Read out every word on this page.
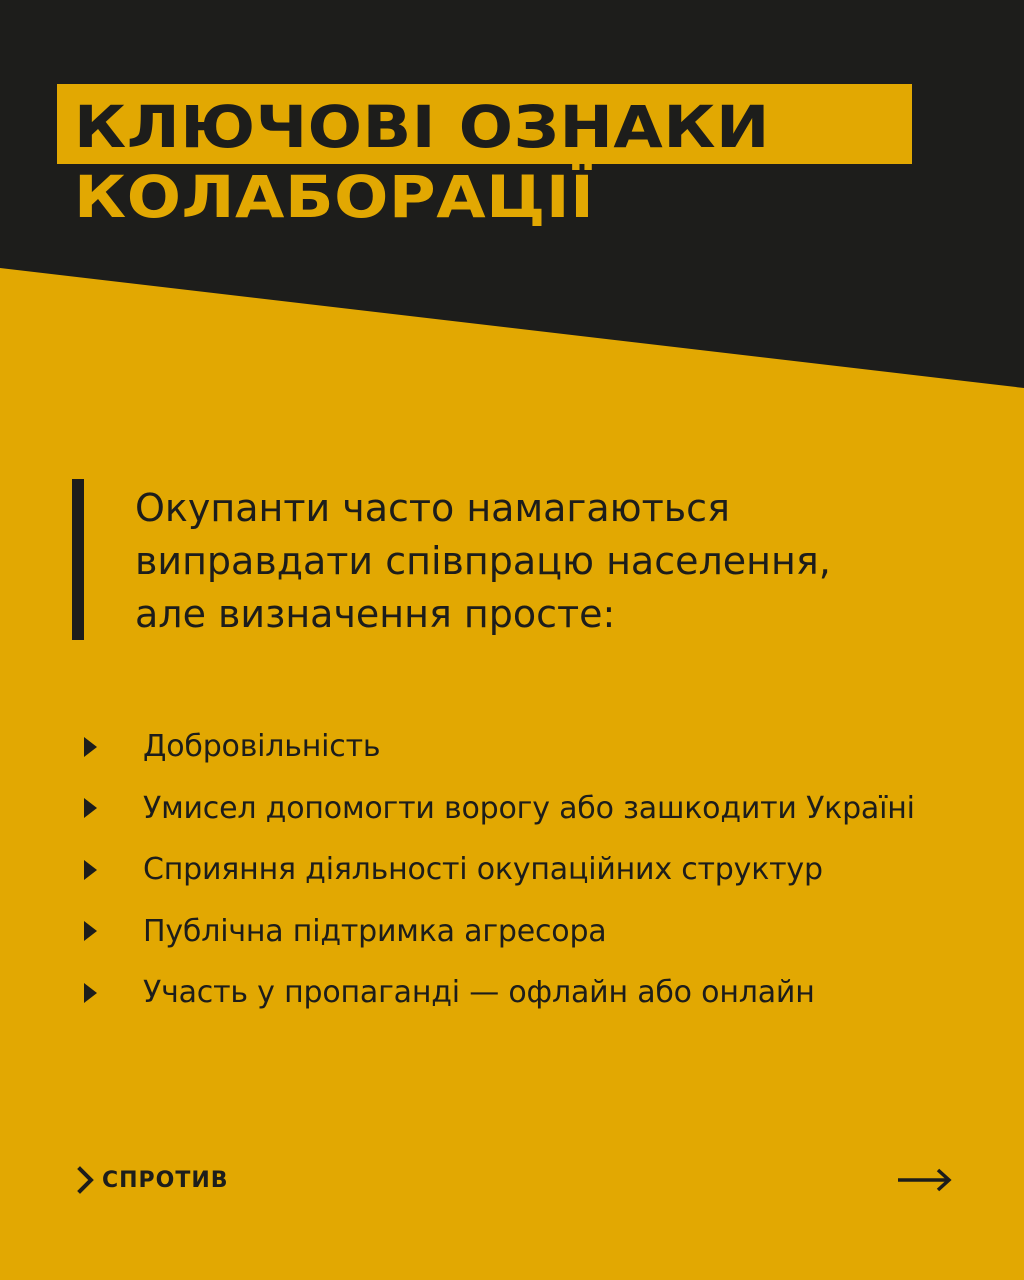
КЛЮЧОВІ ОЗНАКИ
КОЛАБОРАЦІЇ

Окупанти часто намагаються
виправдати співпрацю населення,
але визначення просте:

Добровільність
Умисел допомогти ворогу або зашкодити Україні
Сприяння діяльності окупаційних структур
Публічна підтримка агресора
Участь у пропаганді — офлайн або онлайн
СПРОТИВ
